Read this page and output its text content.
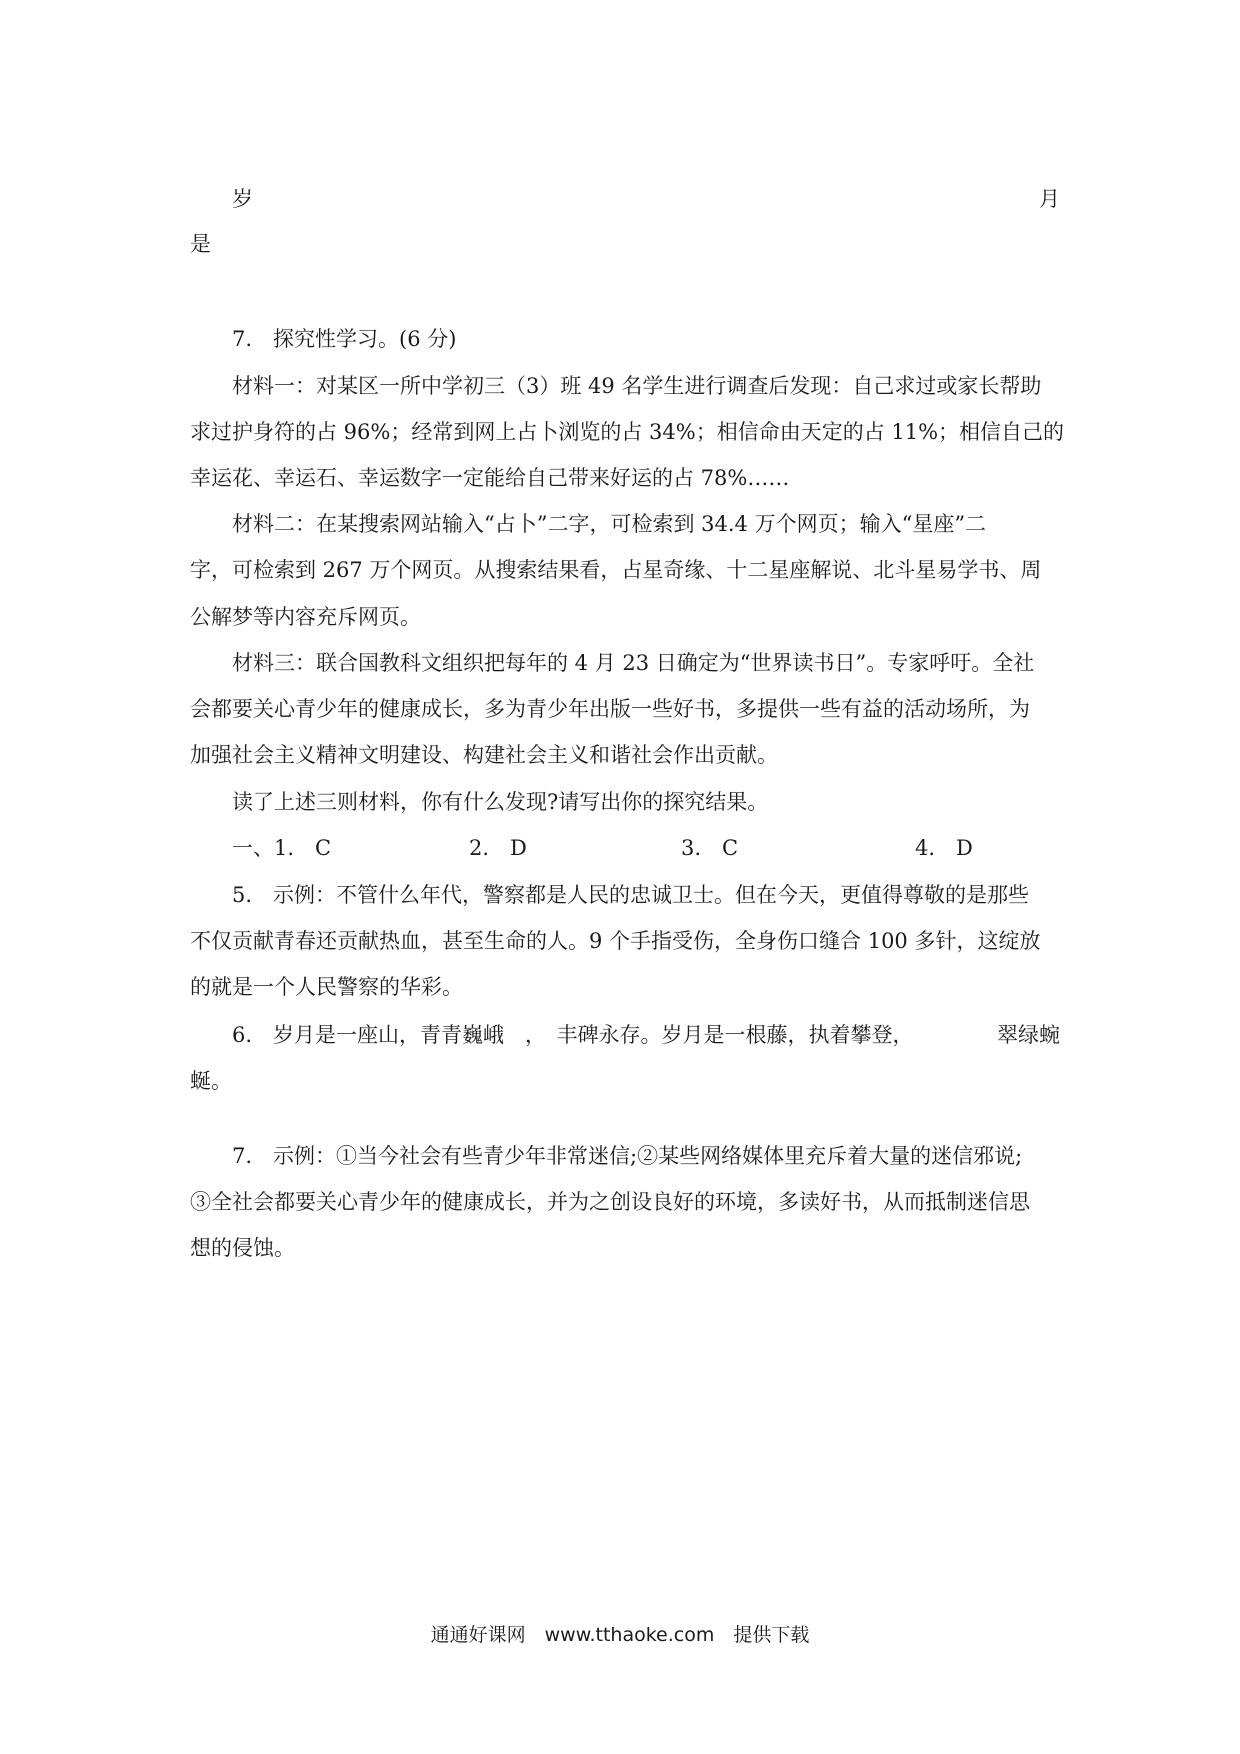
岁	月
是
7.　探究性学习。(6 分)
材料一：对某区一所中学初三（3）班 49 名学生进行调查后发现：自己求过或家长帮助
求过护身符的占 96%；经常到网上占卜浏览的占 34%；相信命由天定的占 11%；相信自己的
幸运花、幸运石、幸运数字一定能给自己带来好运的占 78%……
材料二：在某搜索网站输入“占卜”二字，可检索到 34.4 万个网页；输入“星座”二
字，可检索到 267 万个网页。从搜索结果看，占星奇缘、十二星座解说、北斗星易学书、周
公解梦等内容充斥网页。
材料三：联合国教科文组织把每年的 4 月 23 日确定为“世界读书日”。专家呼吁。全社
会都要关心青少年的健康成长，多为青少年出版一些好书，多提供一些有益的活动场所，为
加强社会主义精神文明建设、构建社会主义和谐社会作出贡献。
读了上述三则材料，你有什么发现?请写出你的探究结果。
一、1.　C	2.　D	3.　C	4.　D
5.　示例：不管什么年代，警察都是人民的忠诚卫士。但在今天，更值得尊敬的是那些
不仅贡献青春还贡献热血，甚至生命的人。9 个手指受伤，全身伤口缝合 100 多针，这绽放
的就是一个人民警察的华彩。
6.　岁月是一座山，青青巍峨　，　丰碑永存。岁月是一根藤，执着攀登，	翠绿蜿
蜒。
7.　示例：①当今社会有些青少年非常迷信;②某些网络媒体里充斥着大量的迷信邪说;
③全社会都要关心青少年的健康成长，并为之创设良好的环境，多读好书，从而抵制迷信思
想的侵蚀。
通通好课网　www.tthaoke.com　提供下载
